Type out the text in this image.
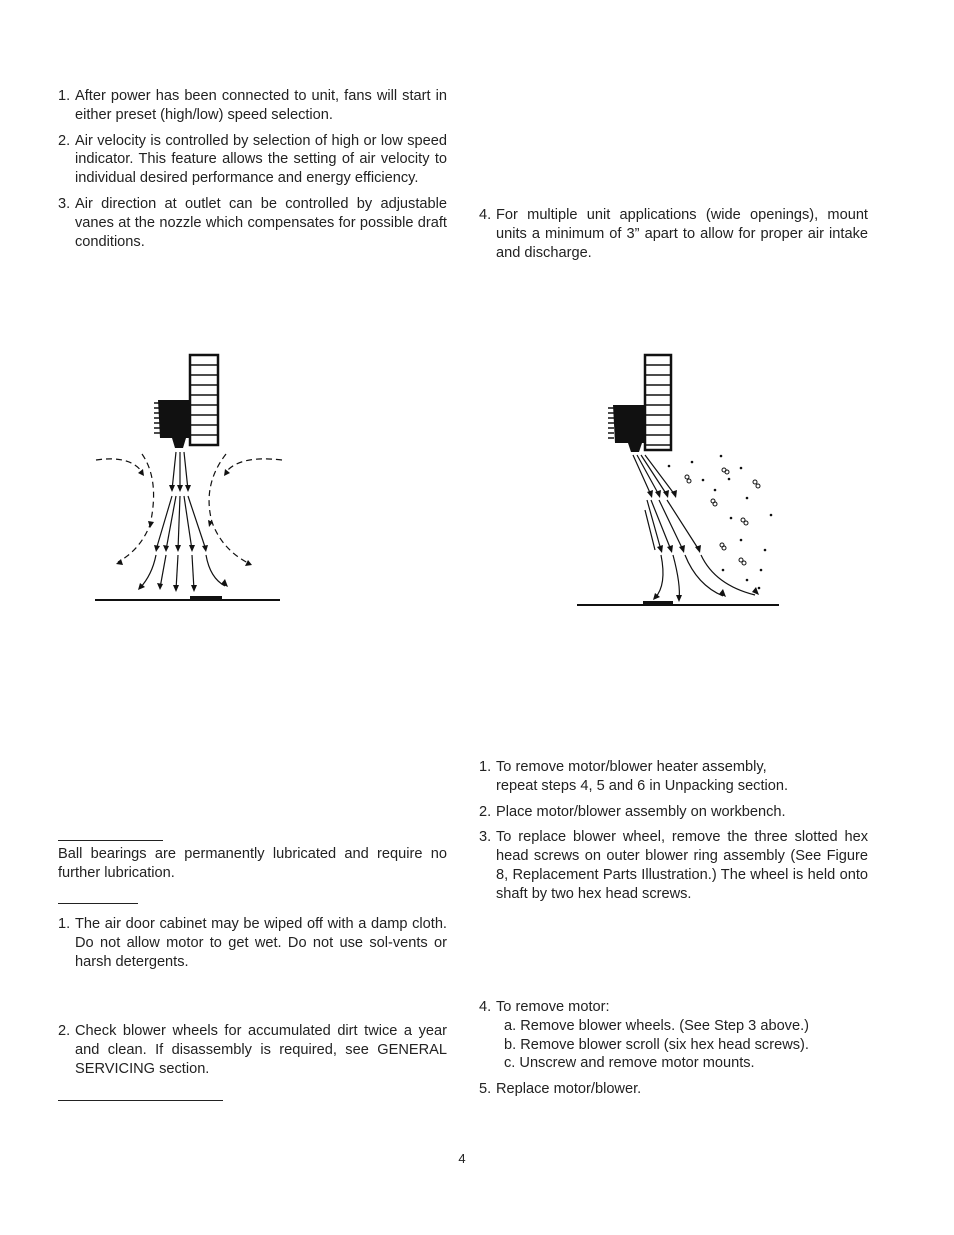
1. After power has been connected to unit, fans will start in either preset (high/low) speed selection.
2. Air velocity is controlled by selection of high or low speed indicator. This feature allows the setting of air velocity to individual desired performance and energy efficiency.
3. Air direction at outlet can be controlled by adjustable vanes at the nozzle which compensates for possible draft conditions.
4. For multiple unit applications (wide openings), mount units a minimum of 3” apart to allow for proper air intake and discharge.
Ball bearings are permanently lubricated and require no further lubrication.
1. The air door cabinet may be wiped off with a damp cloth. Do not allow motor to get wet. Do not use sol-vents or harsh detergents.
2. Check blower wheels for accumulated dirt twice a year and clean. If disassembly is required, see GENERAL SERVICING section.
1. To remove motor/blower heater assembly,
repeat steps 4, 5 and 6 in Unpacking section.
2. Place motor/blower assembly on workbench.
3. To replace blower wheel, remove the three slotted hex head screws on outer blower ring assembly (See Figure 8, Replacement Parts Illustration.) The wheel is held onto shaft by two hex head screws.
4. To remove motor:
a. Remove blower wheels. (See Step 3 above.)
b. Remove blower scroll (six hex head screws).
c. Unscrew and remove motor mounts.
5. Replace motor/blower.
4
